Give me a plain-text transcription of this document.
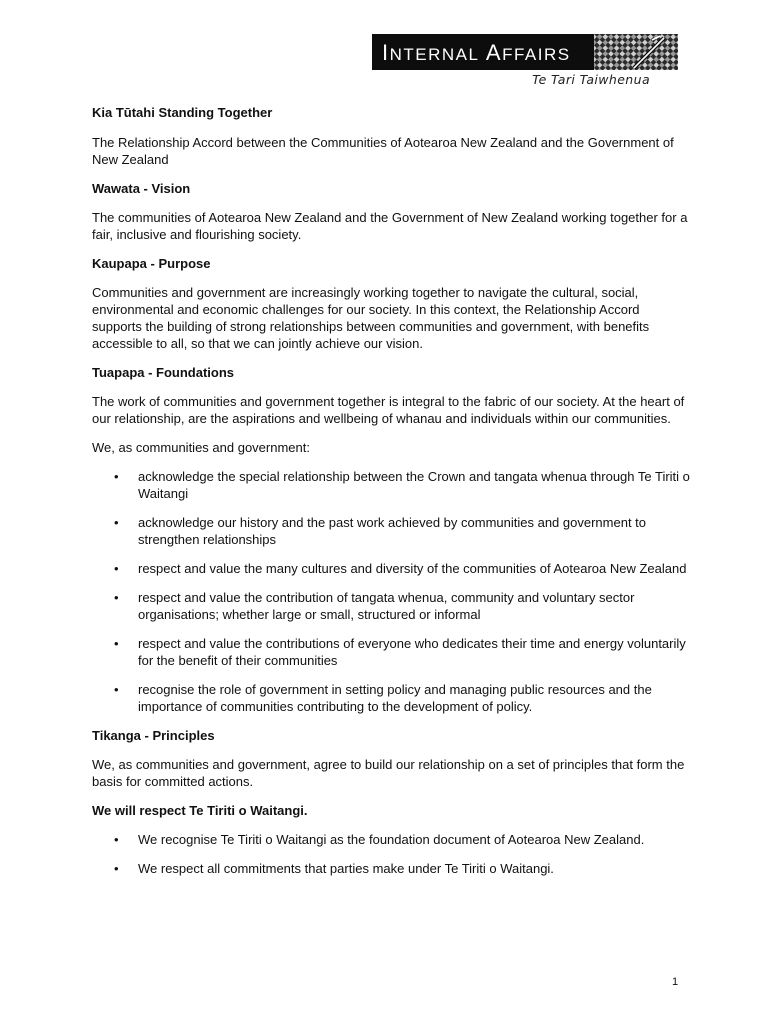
INTERNAL AFFAIRS
Te Tari Taiwhenua

Kia Tūtahi Standing Together

The Relationship Accord between the Communities of Aotearoa New Zealand and the Government of New Zealand

Wawata - Vision

The communities of Aotearoa New Zealand and the Government of New Zealand working together for a fair, inclusive and flourishing society.

Kaupapa - Purpose

Communities and government are increasingly working together to navigate the cultural, social, environmental and economic challenges for our society. In this context, the Relationship Accord supports the building of strong relationships between communities and government, with benefits accessible to all, so that we can jointly achieve our vision.

Tuapapa - Foundations

The work of communities and government together is integral to the fabric of our society. At the heart of our relationship, are the aspirations and wellbeing of whanau and individuals within our communities.

We, as communities and government:

• acknowledge the special relationship between the Crown and tangata whenua through Te Tiriti o Waitangi
• acknowledge our history and the past work achieved by communities and government to strengthen relationships
• respect and value the many cultures and diversity of the communities of Aotearoa New Zealand
• respect and value the contribution of tangata whenua, community and voluntary sector organisations; whether large or small, structured or informal
• respect and value the contributions of everyone who dedicates their time and energy voluntarily for the benefit of their communities
• recognise the role of government in setting policy and managing public resources and the importance of communities contributing to the development of policy.

Tikanga - Principles

We, as communities and government, agree to build our relationship on a set of principles that form the basis for committed actions.

We will respect Te Tiriti o Waitangi.

• We recognise Te Tiriti o Waitangi as the foundation document of Aotearoa New Zealand.
• We respect all commitments that parties make under Te Tiriti o Waitangi.
1
